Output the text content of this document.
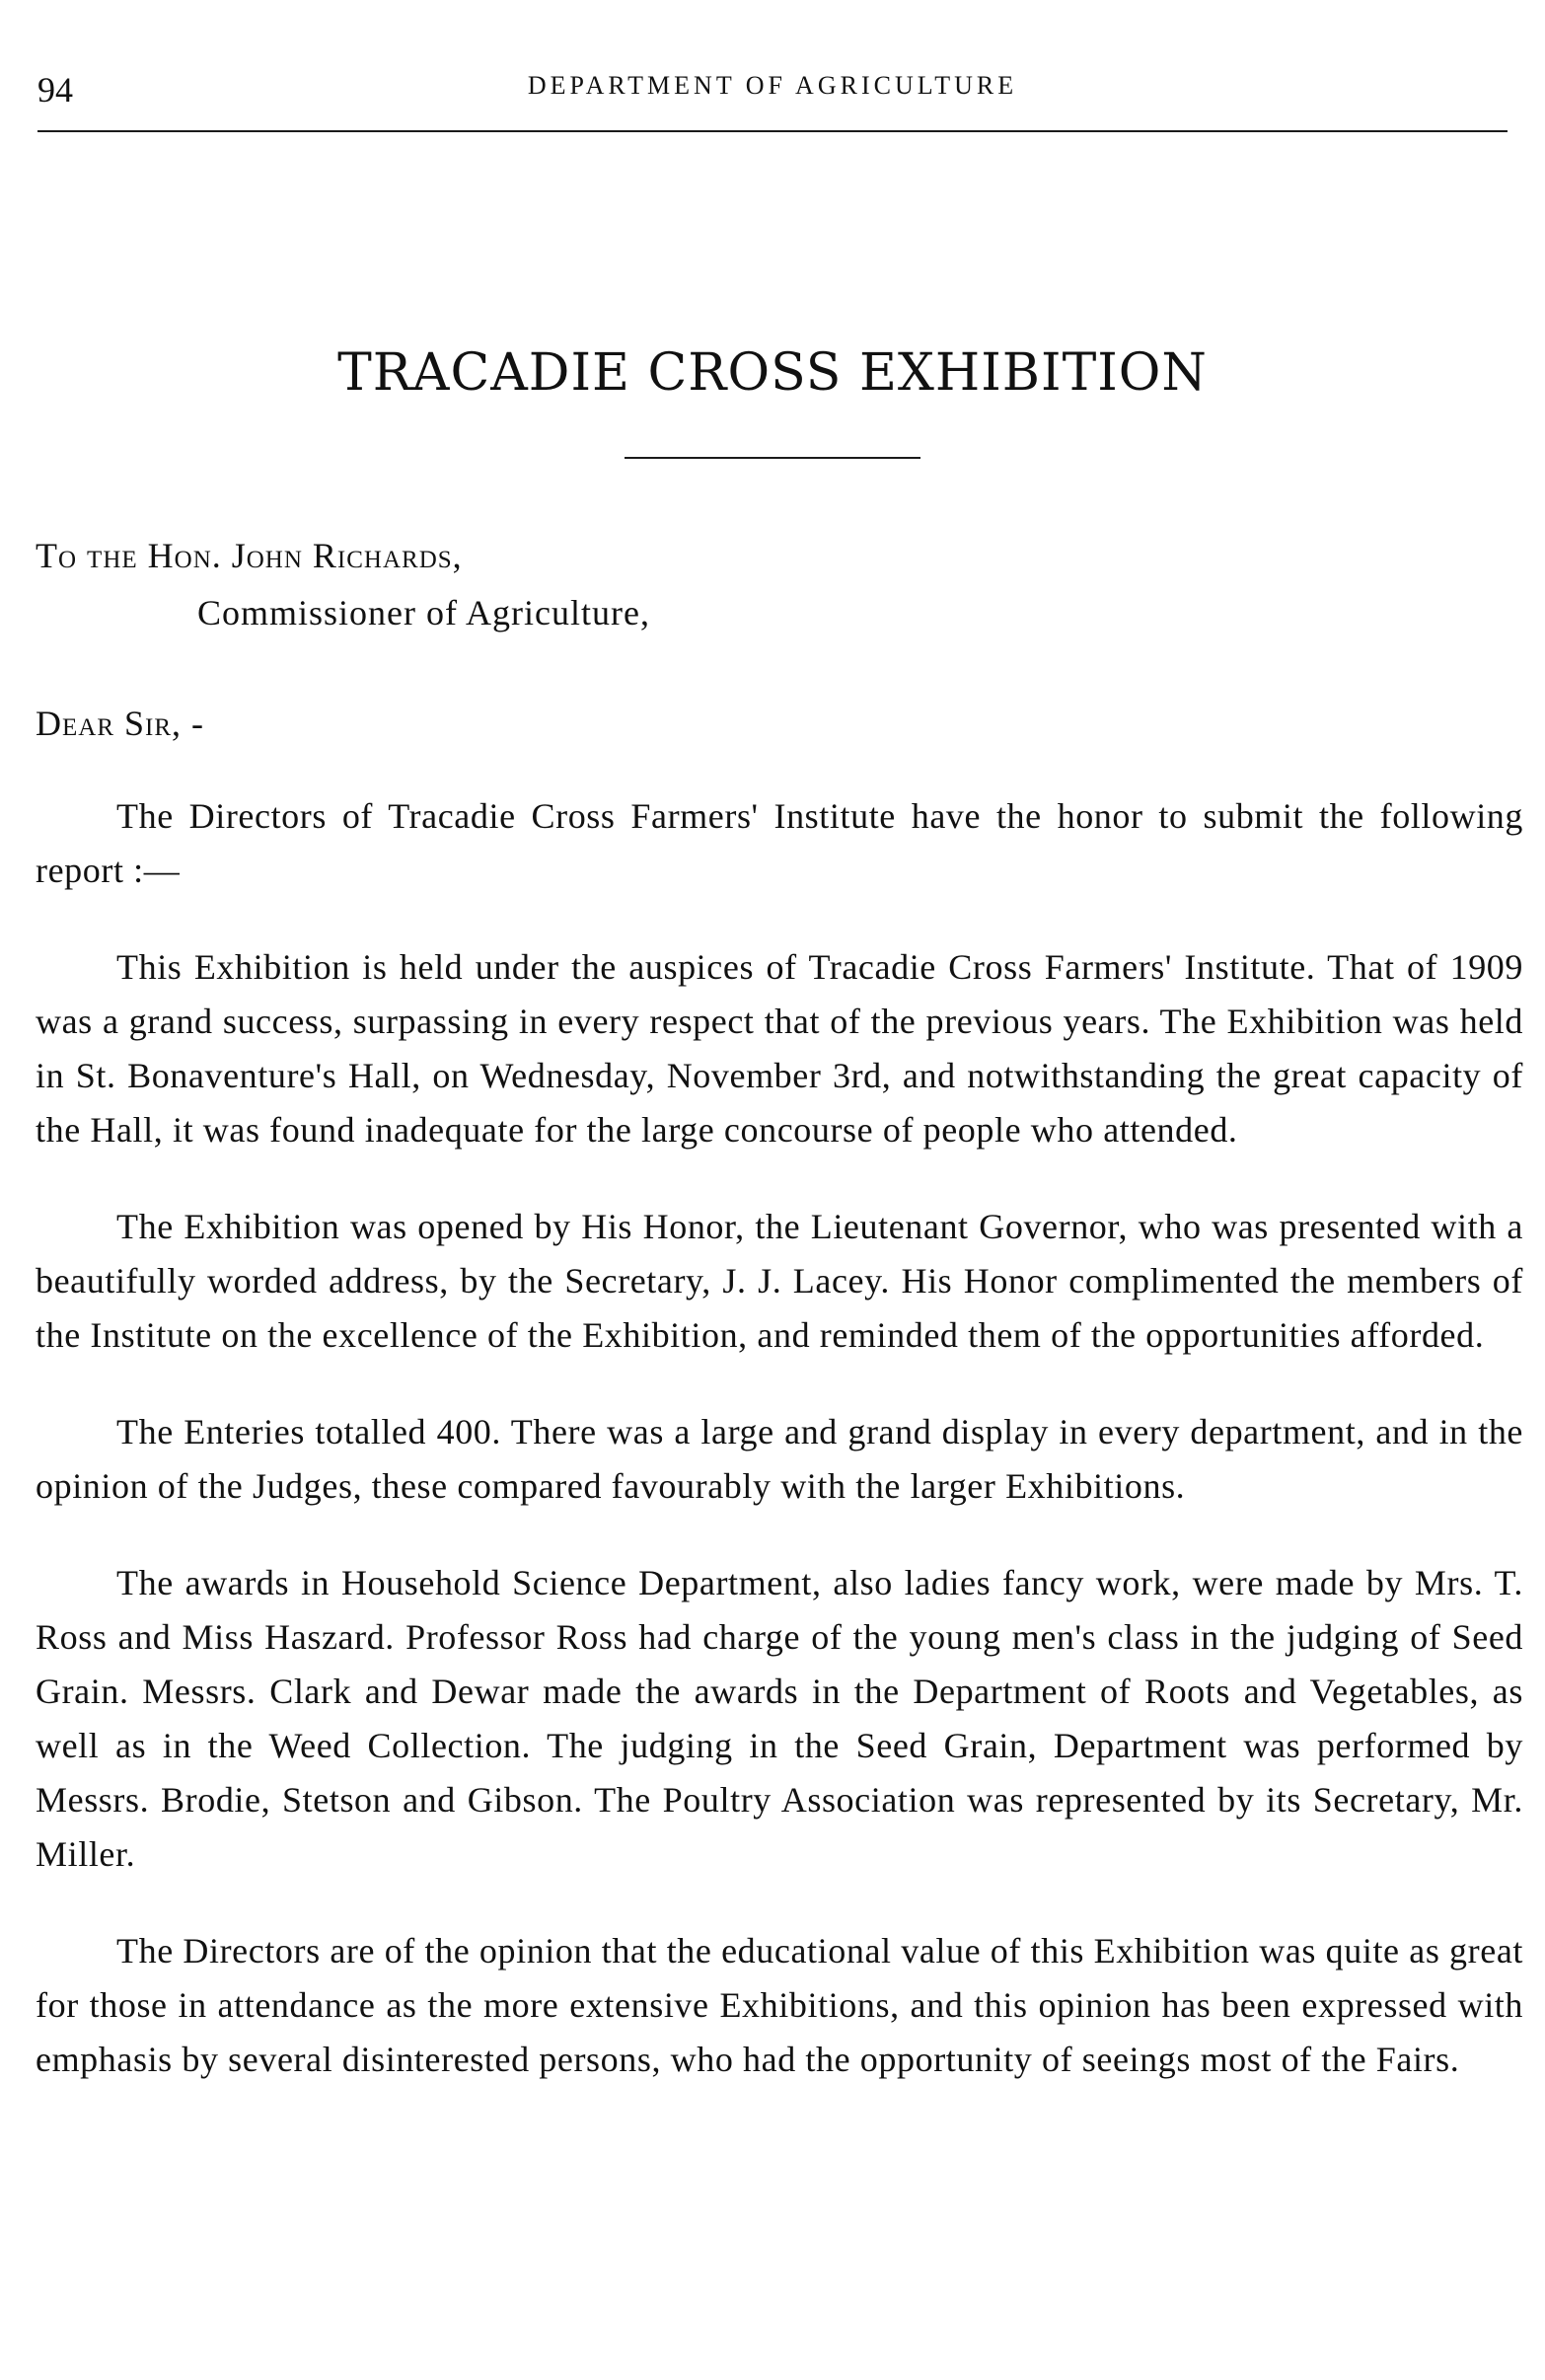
94	DEPARTMENT OF AGRICULTURE
TRACADIE CROSS EXHIBITION
To the Hon. John Richards,
Commissioner of Agriculture,
Dear Sir, -

The Directors of Tracadie Cross Farmers' Institute have the honor to submit the following report :—

This Exhibition is held under the auspices of Tracadie Cross Farmers' Institute. That of 1909 was a grand success, surpassing in every respect that of the previous years. The Exhibition was held in St. Bonaventure's Hall, on Wednesday, November 3rd, and notwithstanding the great capacity of the Hall, it was found inadequate for the large concourse of people who attended.

The Exhibition was opened by His Honor, the Lieutenant Governor, who was presented with a beautifully worded address, by the Secretary, J. J. Lacey. His Honor complimented the members of the Institute on the excellence of the Exhibition, and reminded them of the opportunities afforded.

The Enteries totalled 400. There was a large and grand display in every department, and in the opinion of the Judges, these compared favourably with the larger Exhibitions.

The awards in Household Science Department, also ladies fancy work, were made by Mrs. T. Ross and Miss Haszard. Professor Ross had charge of the young men's class in the judging of Seed Grain. Messrs. Clark and Dewar made the awards in the Department of Roots and Vegetables, as well as in the Weed Collection. The judging in the Seed Grain, Department was performed by Messrs. Brodie, Stetson and Gibson. The Poultry Association was represented by its Secretary, Mr. Miller.

The Directors are of the opinion that the educational value of this Exhibition was quite as great for those in attendance as the more extensive Exhibitions, and this opinion has been expressed with emphasis by several disinterested persons, who had the opportunity of seeings most of the Fairs.
